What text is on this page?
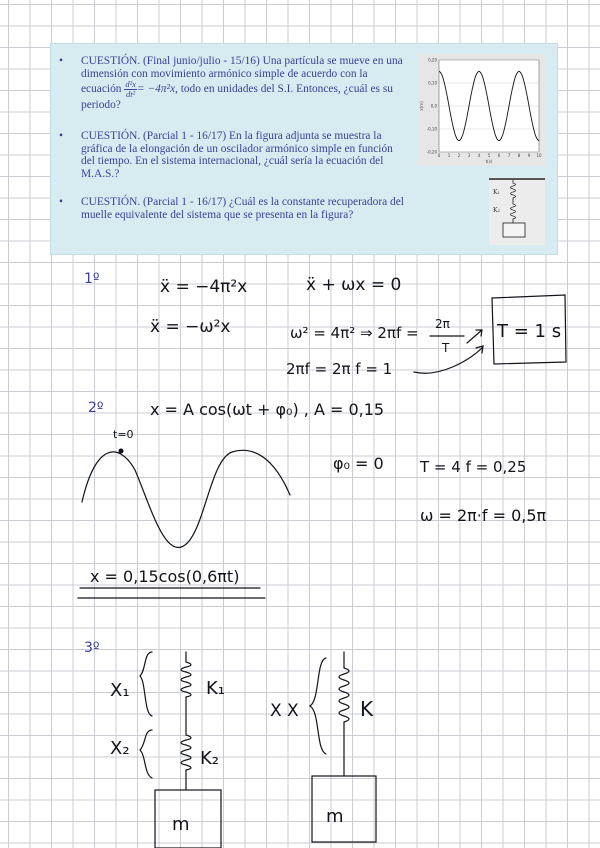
• CUESTIÓN. (Final junio/julio - 15/16) Una partícula se mueve en una dimensión con movimiento armónico simple de acuerdo con la ecuación $\frac{\text{d²x}}{\text{dt²}} = -4\pi^2x$, todo en unidades del S.I. Entonces, ¿cuál es su periodo?
• CUESTIÓN. (Parcial 1 - 16/17) En la figura adjunta se muestra la gráfica de la elongación de un oscilador armónico simple en función del tiempo. En el sistema internacional, ¿cuál sería la ecuación del M.A.S.?
• CUESTIÓN. (Parcial 1 - 16/17) ¿Cuál es la constante recuperadora del muelle equivalente del sistema que se presenta en la figura?
0,20
0,10
0,0
-0,10
-0,20
0 1 2 3 4 5 6 7 8 9 10
x(m)
t(s)
K₁
K₂
1º	ẍ = −4π²x	ẍ + ωx = 0
ẍ = −ω²x	ω² = 4π² ⇒ 2πf = 2π
T
T = 1 s
2πf = 2π f = 1
2º	x = A cos(ωt + φ₀) , A = 0,15
t=0
φ₀ = 0 T = 4 f = 0,25
ω = 2π·f = 0,5π
x = 0,15cos(0,6πt)
3º
X₁	K₁
X₂	K₂
m
X X	K
m
